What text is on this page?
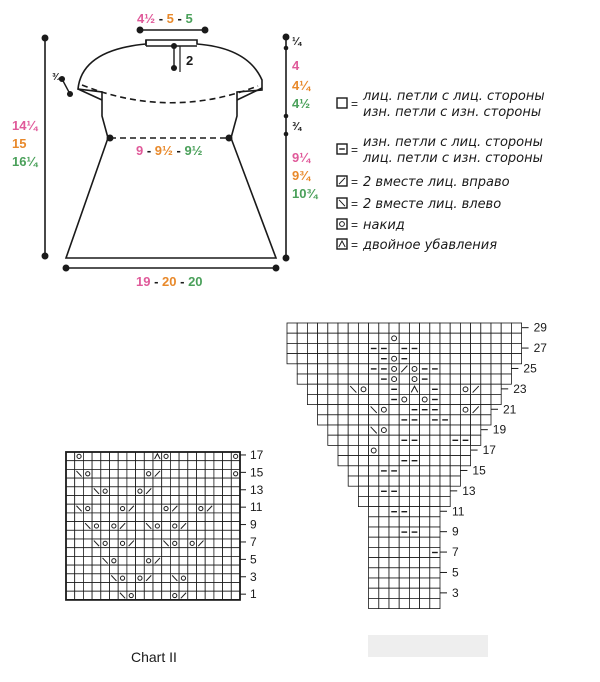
4½ - 5 - 5
2
¾
9 - 9½ - 9½
19 - 20 - 20
14¼
15
16¼
¼
4
4¼
4½
¾
9¼
9¾
10¾
= лиц. петли с лиц. стороны
изн. петли с изн. стороны
= изн. петли с лиц. стороны
лиц. петли с изн. стороны
= 2 вместе лиц. вправо
= 2 вместе лиц. влево
= накид
= двойное убавления
17
15
13
11
9
7
5
3
1
Chart II
29
27
25
23
21
19
17
15
13
11
9
7
5
3
